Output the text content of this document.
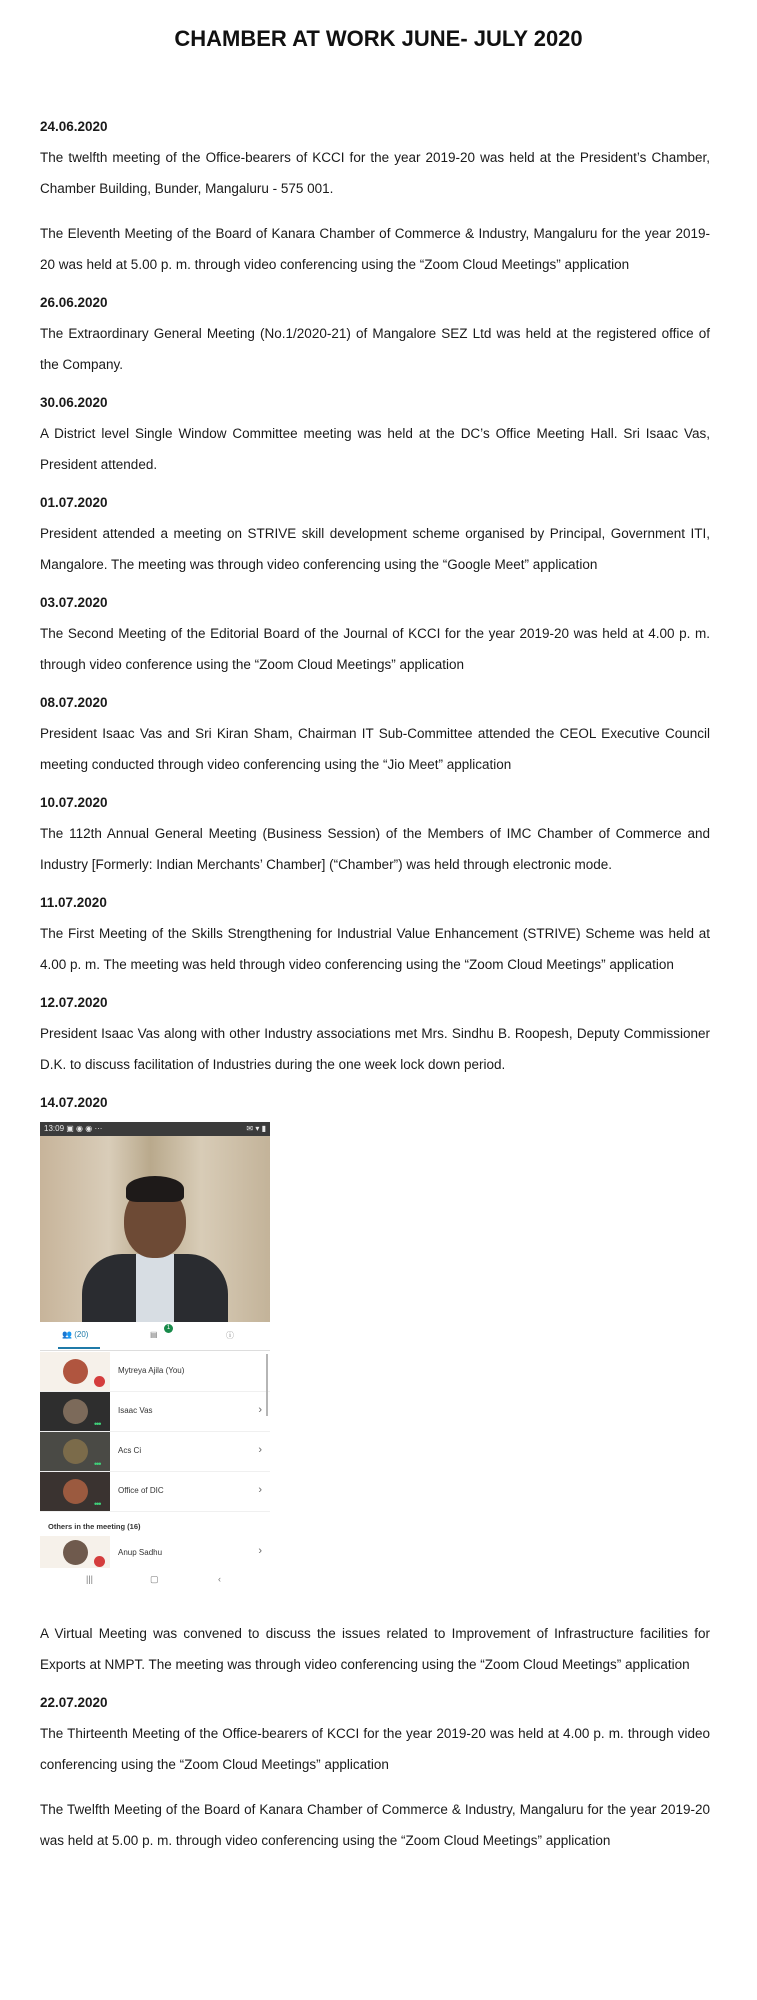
CHAMBER AT WORK JUNE- JULY 2020

24.06.2020

The twelfth meeting of the Office-bearers of KCCI for the year 2019-20 was held at the President’s Chamber, Chamber Building, Bunder, Mangaluru - 575 001.

The Eleventh Meeting of the Board of Kanara Chamber of Commerce & Industry, Mangaluru for the year 2019-20 was held at 5.00 p. m. through video conferencing using the “Zoom Cloud Meetings” application

26.06.2020

The Extraordinary General Meeting (No.1/2020-21) of Mangalore SEZ Ltd was held at the registered office of the Company.

30.06.2020

A District level Single Window Committee meeting was held at the DC’s Office Meeting Hall. Sri Isaac Vas, President attended.

01.07.2020

President attended a meeting on STRIVE skill development scheme organised by Principal, Government ITI, Mangalore. The meeting was through video conferencing using the “Google Meet” application

03.07.2020

The Second Meeting of the Editorial Board of the Journal of KCCI for the year 2019-20 was held at 4.00 p. m. through video conference using the “Zoom Cloud Meetings” application

08.07.2020

President Isaac Vas and Sri Kiran Sham, Chairman IT Sub-Committee attended the CEOL Executive Council meeting conducted through video conferencing using the “Jio Meet” application

10.07.2020

The 112th Annual General Meeting (Business Session) of the Members of IMC Chamber of Commerce and Industry [Formerly: Indian Merchants’ Chamber] (“Chamber”) was held through electronic mode.

11.07.2020

The First Meeting of the Skills Strengthening for Industrial Value Enhancement (STRIVE) Scheme was held at 4.00 p. m. The meeting was held through video conferencing using the “Zoom Cloud Meetings” application

12.07.2020

President Isaac Vas along with other Industry associations met Mrs. Sindhu B. Roopesh, Deputy Commissioner D.K. to discuss facilitation of Industries during the one week lock down period.

14.07.2020

13:09 ▣ ◉ ◉ ···	✉ ▾ ▮
👥 (20)	▤
1
ⓘ
Mytreya Ajila (You)
•••
Isaac Vas	›
•••
Acs Ci	›
•••
Office of DIC	›
Others in the meeting (16)
Anup Sadhu	›
|||	▢	‹

A Virtual Meeting was convened to discuss the issues related to Improvement of Infrastructure facilities for Exports at NMPT. The meeting was through video conferencing using the “Zoom Cloud Meetings” application

22.07.2020

The Thirteenth Meeting of the Office-bearers of KCCI for the year 2019-20 was held at 4.00 p. m. through video conferencing using the “Zoom Cloud Meetings” application

The Twelfth Meeting of the Board of Kanara Chamber of Commerce & Industry, Mangaluru for the year 2019-20 was held at 5.00 p. m. through video conferencing using the “Zoom Cloud Meetings” application
